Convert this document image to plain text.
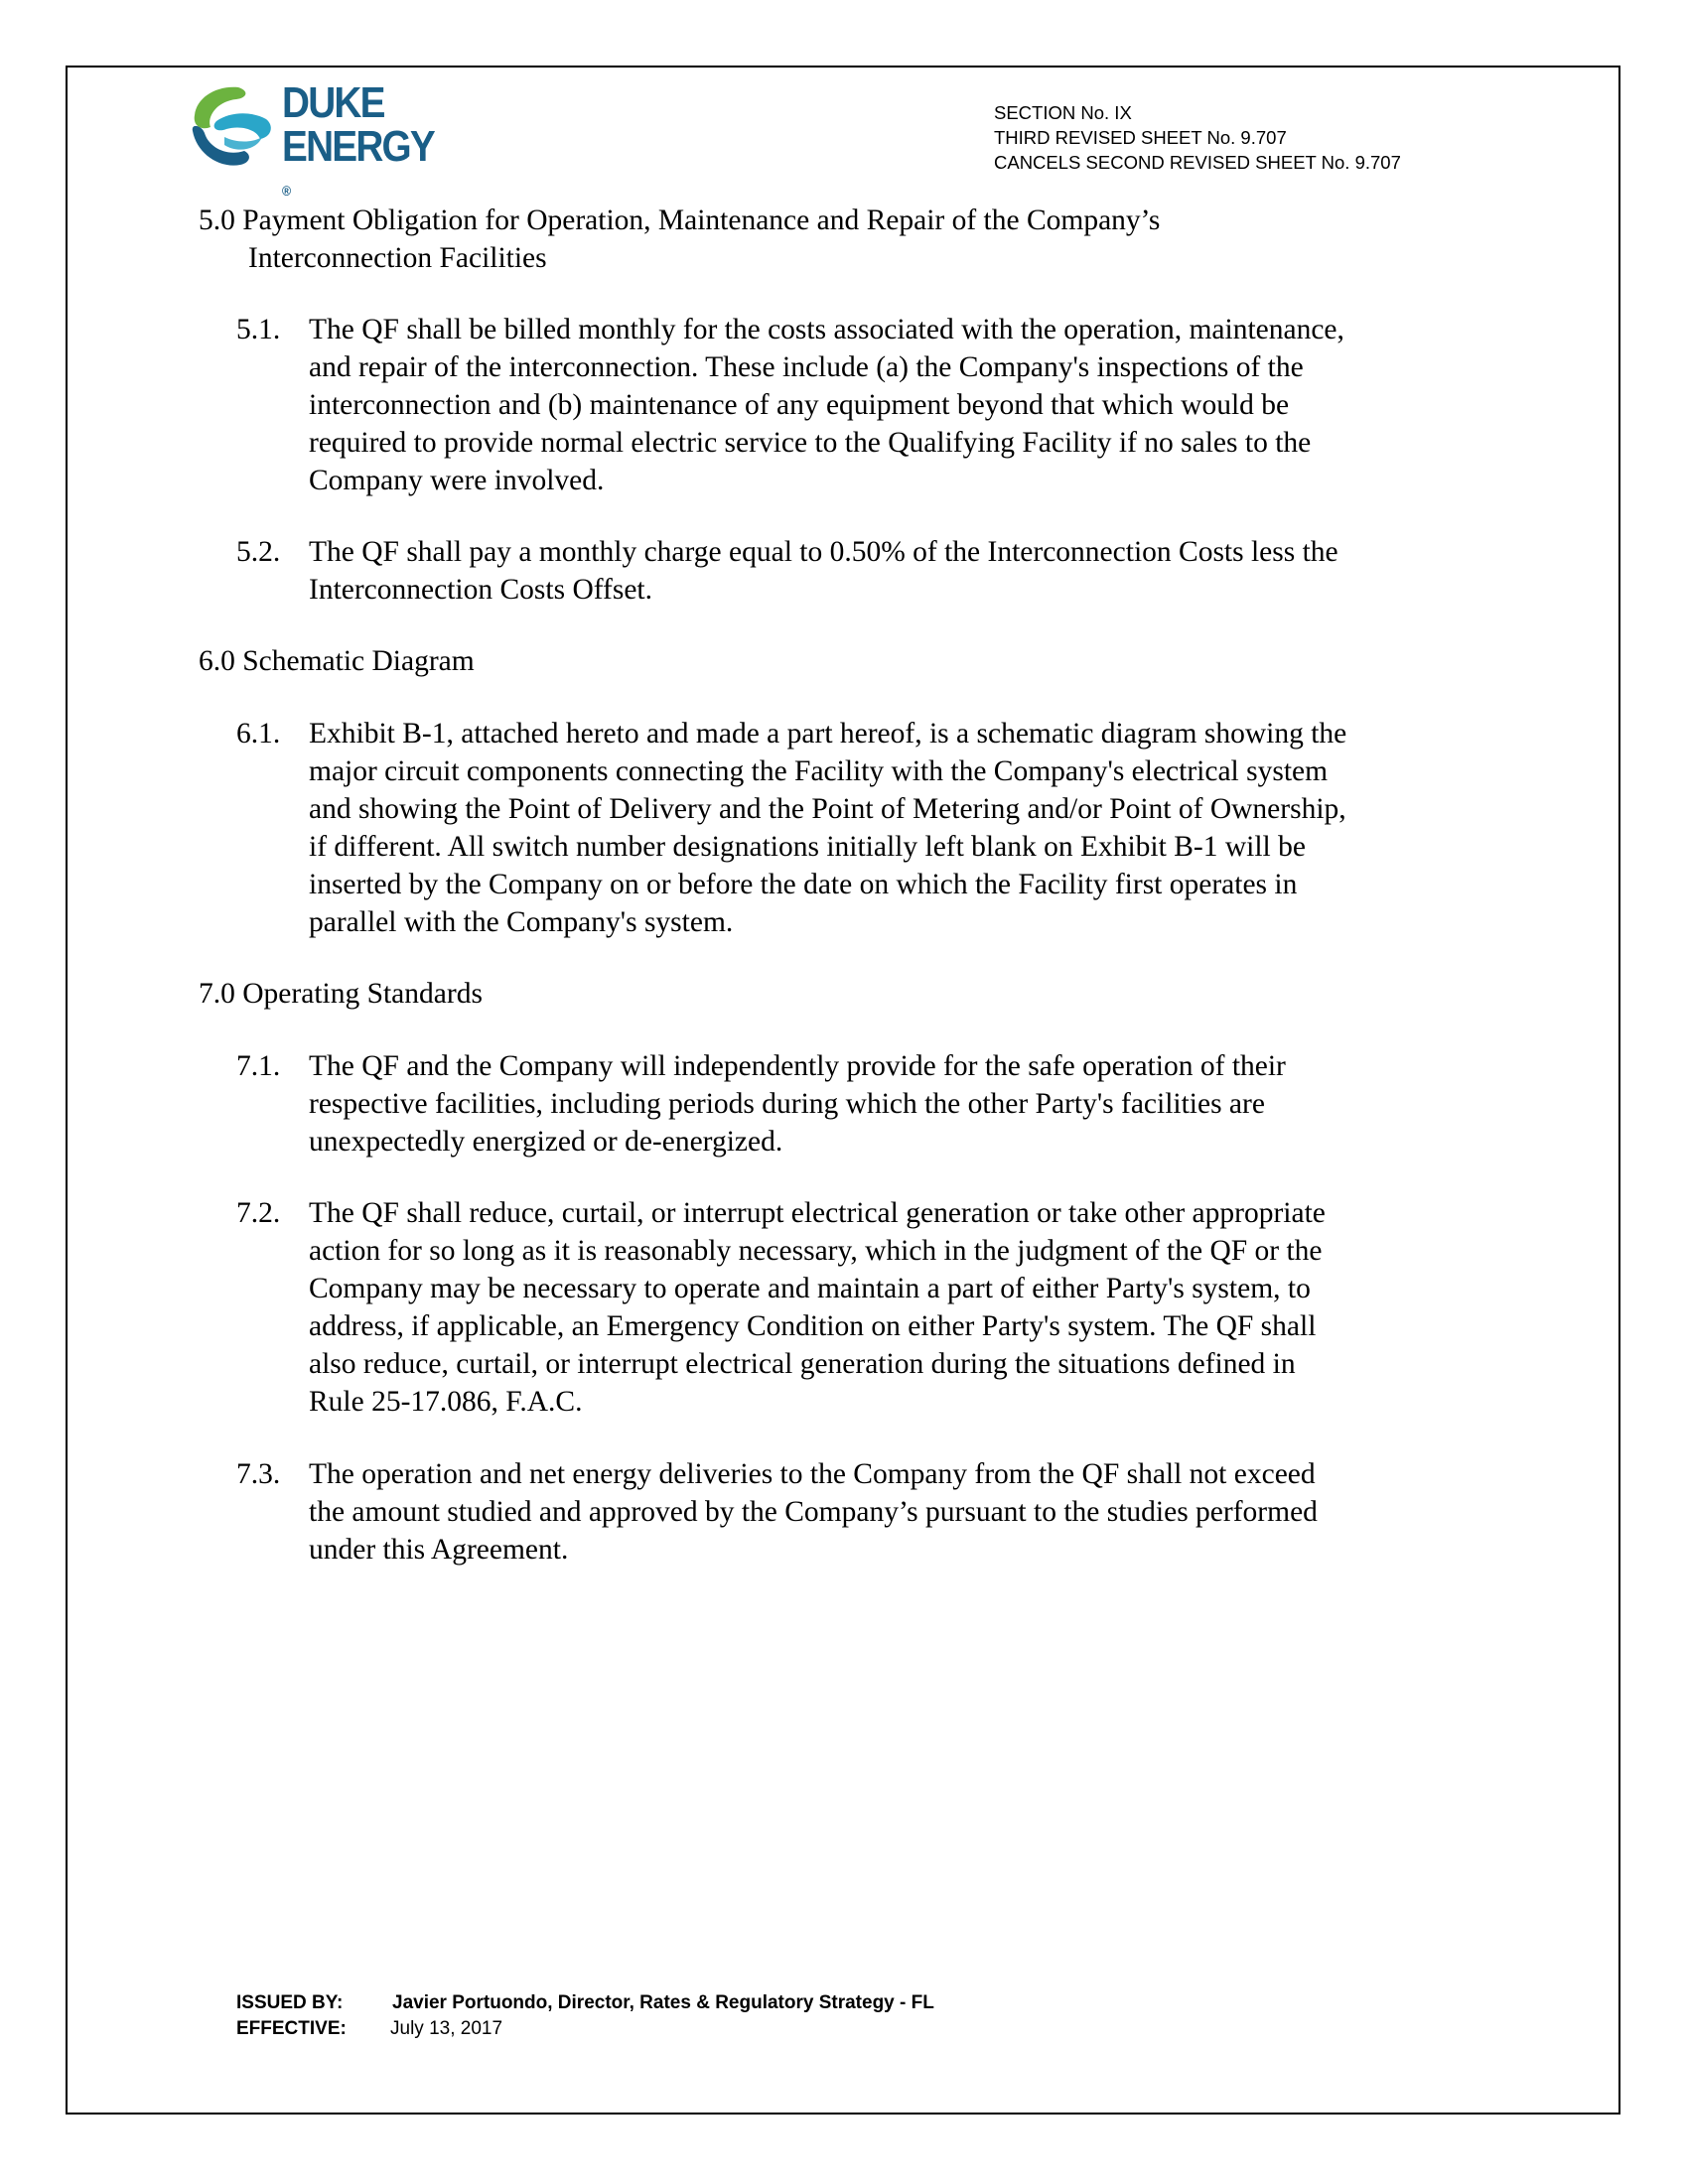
DUKE
ENERGY
®
SECTION No. IX
THIRD REVISED SHEET No. 9.707
CANCELS SECOND REVISED SHEET No. 9.707
5.0 Payment Obligation for Operation, Maintenance and Repair of the Company’s
Interconnection Facilities
5.1. The QF shall be billed monthly for the costs associated with the operation, maintenance,
and repair of the interconnection. These include (a) the Company's inspections of the
interconnection and (b) maintenance of any equipment beyond that which would be
required to provide normal electric service to the Qualifying Facility if no sales to the
Company were involved.
5.2. The QF shall pay a monthly charge equal to 0.50% of the Interconnection Costs less the
Interconnection Costs Offset.
6.0 Schematic Diagram
6.1. Exhibit B-1, attached hereto and made a part hereof, is a schematic diagram showing the
major circuit components connecting the Facility with the Company's electrical system
and showing the Point of Delivery and the Point of Metering and/or Point of Ownership,
if different. All switch number designations initially left blank on Exhibit B-1 will be
inserted by the Company on or before the date on which the Facility first operates in
parallel with the Company's system.
7.0 Operating Standards
7.1. The QF and the Company will independently provide for the safe operation of their
respective facilities, including periods during which the other Party's facilities are
unexpectedly energized or de-energized.
7.2. The QF shall reduce, curtail, or interrupt electrical generation or take other appropriate
action for so long as it is reasonably necessary, which in the judgment of the QF or the
Company may be necessary to operate and maintain a part of either Party's system, to
address, if applicable, an Emergency Condition on either Party's system. The QF shall
also reduce, curtail, or interrupt electrical generation during the situations defined in
Rule 25-17.086, F.A.C.
7.3. The operation and net energy deliveries to the Company from the QF shall not exceed
the amount studied and approved by the Company’s pursuant to the studies performed
under this Agreement.
ISSUED BY:	Javier Portuondo, Director, Rates & Regulatory Strategy - FL
EFFECTIVE: July 13, 2017
